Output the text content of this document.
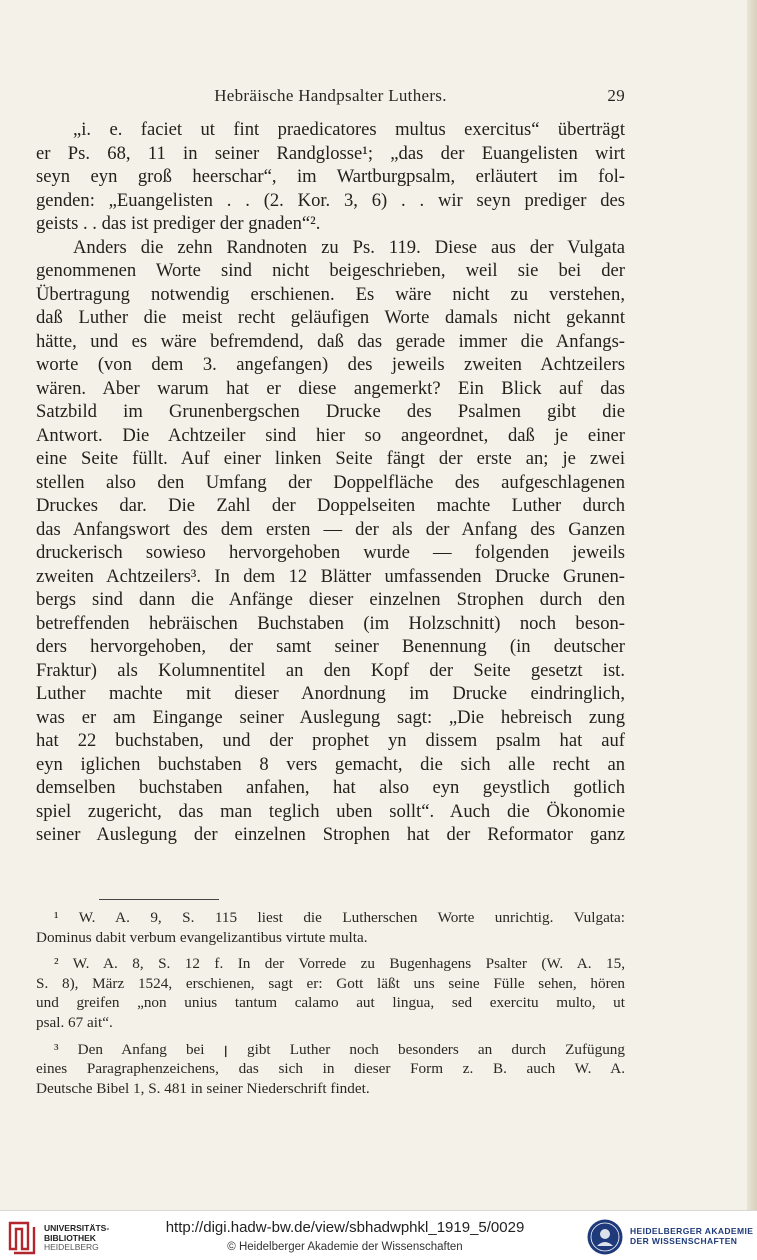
Hebräische Handpsalter Luthers.	29
„i. e. faciet ut fint praedicatores multus exercitus“ überträgt
er Ps. 68, 11 in seiner Randglosse¹; „das der Euangelisten wirt
seyn eyn groß heerschar“, im Wartburgpsalm, erläutert im fol-
genden: „Euangelisten . . (2. Kor. 3, 6) . . wir seyn prediger des
geists . . das ist prediger der gnaden“².
Anders die zehn Randnoten zu Ps. 119. Diese aus der Vulgata
genommenen Worte sind nicht beigeschrieben, weil sie bei der
Übertragung notwendig erschienen. Es wäre nicht zu verstehen,
daß Luther die meist recht geläufigen Worte damals nicht gekannt
hätte, und es wäre befremdend, daß das gerade immer die Anfangs-
worte (von dem 3. angefangen) des jeweils zweiten Achtzeilers
wären. Aber warum hat er diese angemerkt? Ein Blick auf das
Satzbild im Grunenbergschen Drucke des Psalmen gibt die
Antwort. Die Achtzeiler sind hier so angeordnet, daß je einer
eine Seite füllt. Auf einer linken Seite fängt der erste an; je zwei
stellen also den Umfang der Doppelfläche des aufgeschlagenen
Druckes dar. Die Zahl der Doppelseiten machte Luther durch
das Anfangswort des dem ersten — der als der Anfang des Ganzen
druckerisch sowieso hervorgehoben wurde — folgenden jeweils
zweiten Achtzeilers³. In dem 12 Blätter umfassenden Drucke Grunen-
bergs sind dann die Anfänge dieser einzelnen Strophen durch den
betreffenden hebräischen Buchstaben (im Holzschnitt) noch beson-
ders hervorgehoben, der samt seiner Benennung (in deutscher
Fraktur) als Kolumnentitel an den Kopf der Seite gesetzt ist.
Luther machte mit dieser Anordnung im Drucke eindringlich,
was er am Eingange seiner Auslegung sagt: „Die hebreisch zung
hat 22 buchstaben, und der prophet yn dissem psalm hat auf
eyn iglichen buchstaben 8 vers gemacht, die sich alle recht an
demselben buchstaben anfahen, hat also eyn geystlich gotlich
spiel zugericht, das man teglich uben sollt“. Auch die Ökonomie
seiner Auslegung der einzelnen Strophen hat der Reformator ganz
¹ W. A. 9, S. 115 liest die Lutherschen Worte unrichtig. Vulgata:
Dominus dabit verbum evangelizantibus virtute multa.
² W. A. 8, S. 12 f. In der Vorrede zu Bugenhagens Psalter (W. A. 15,
S. 8), März 1524, erschienen, sagt er: Gott läßt uns seine Fülle sehen, hören
und greifen „non unius tantum calamo aut lingua, sed exercitu multo, ut
psal. 67 ait“.
³ Den Anfang bei ꞁ gibt Luther noch besonders an durch Zufügung
eines Paragraphenzeichens, das sich in dieser Form z. B. auch W. A.
Deutsche Bibel 1, S. 481 in seiner Niederschrift findet.
UNIVERSITÄTS-
BIBLIOTHEK
HEIDELBERG
http://digi.hadw-bw.de/view/sbhadwphkl_1919_5/0029
© Heidelberger Akademie der Wissenschaften
HEIDELBERGER AKADEMIE
DER WISSENSCHAFTEN
